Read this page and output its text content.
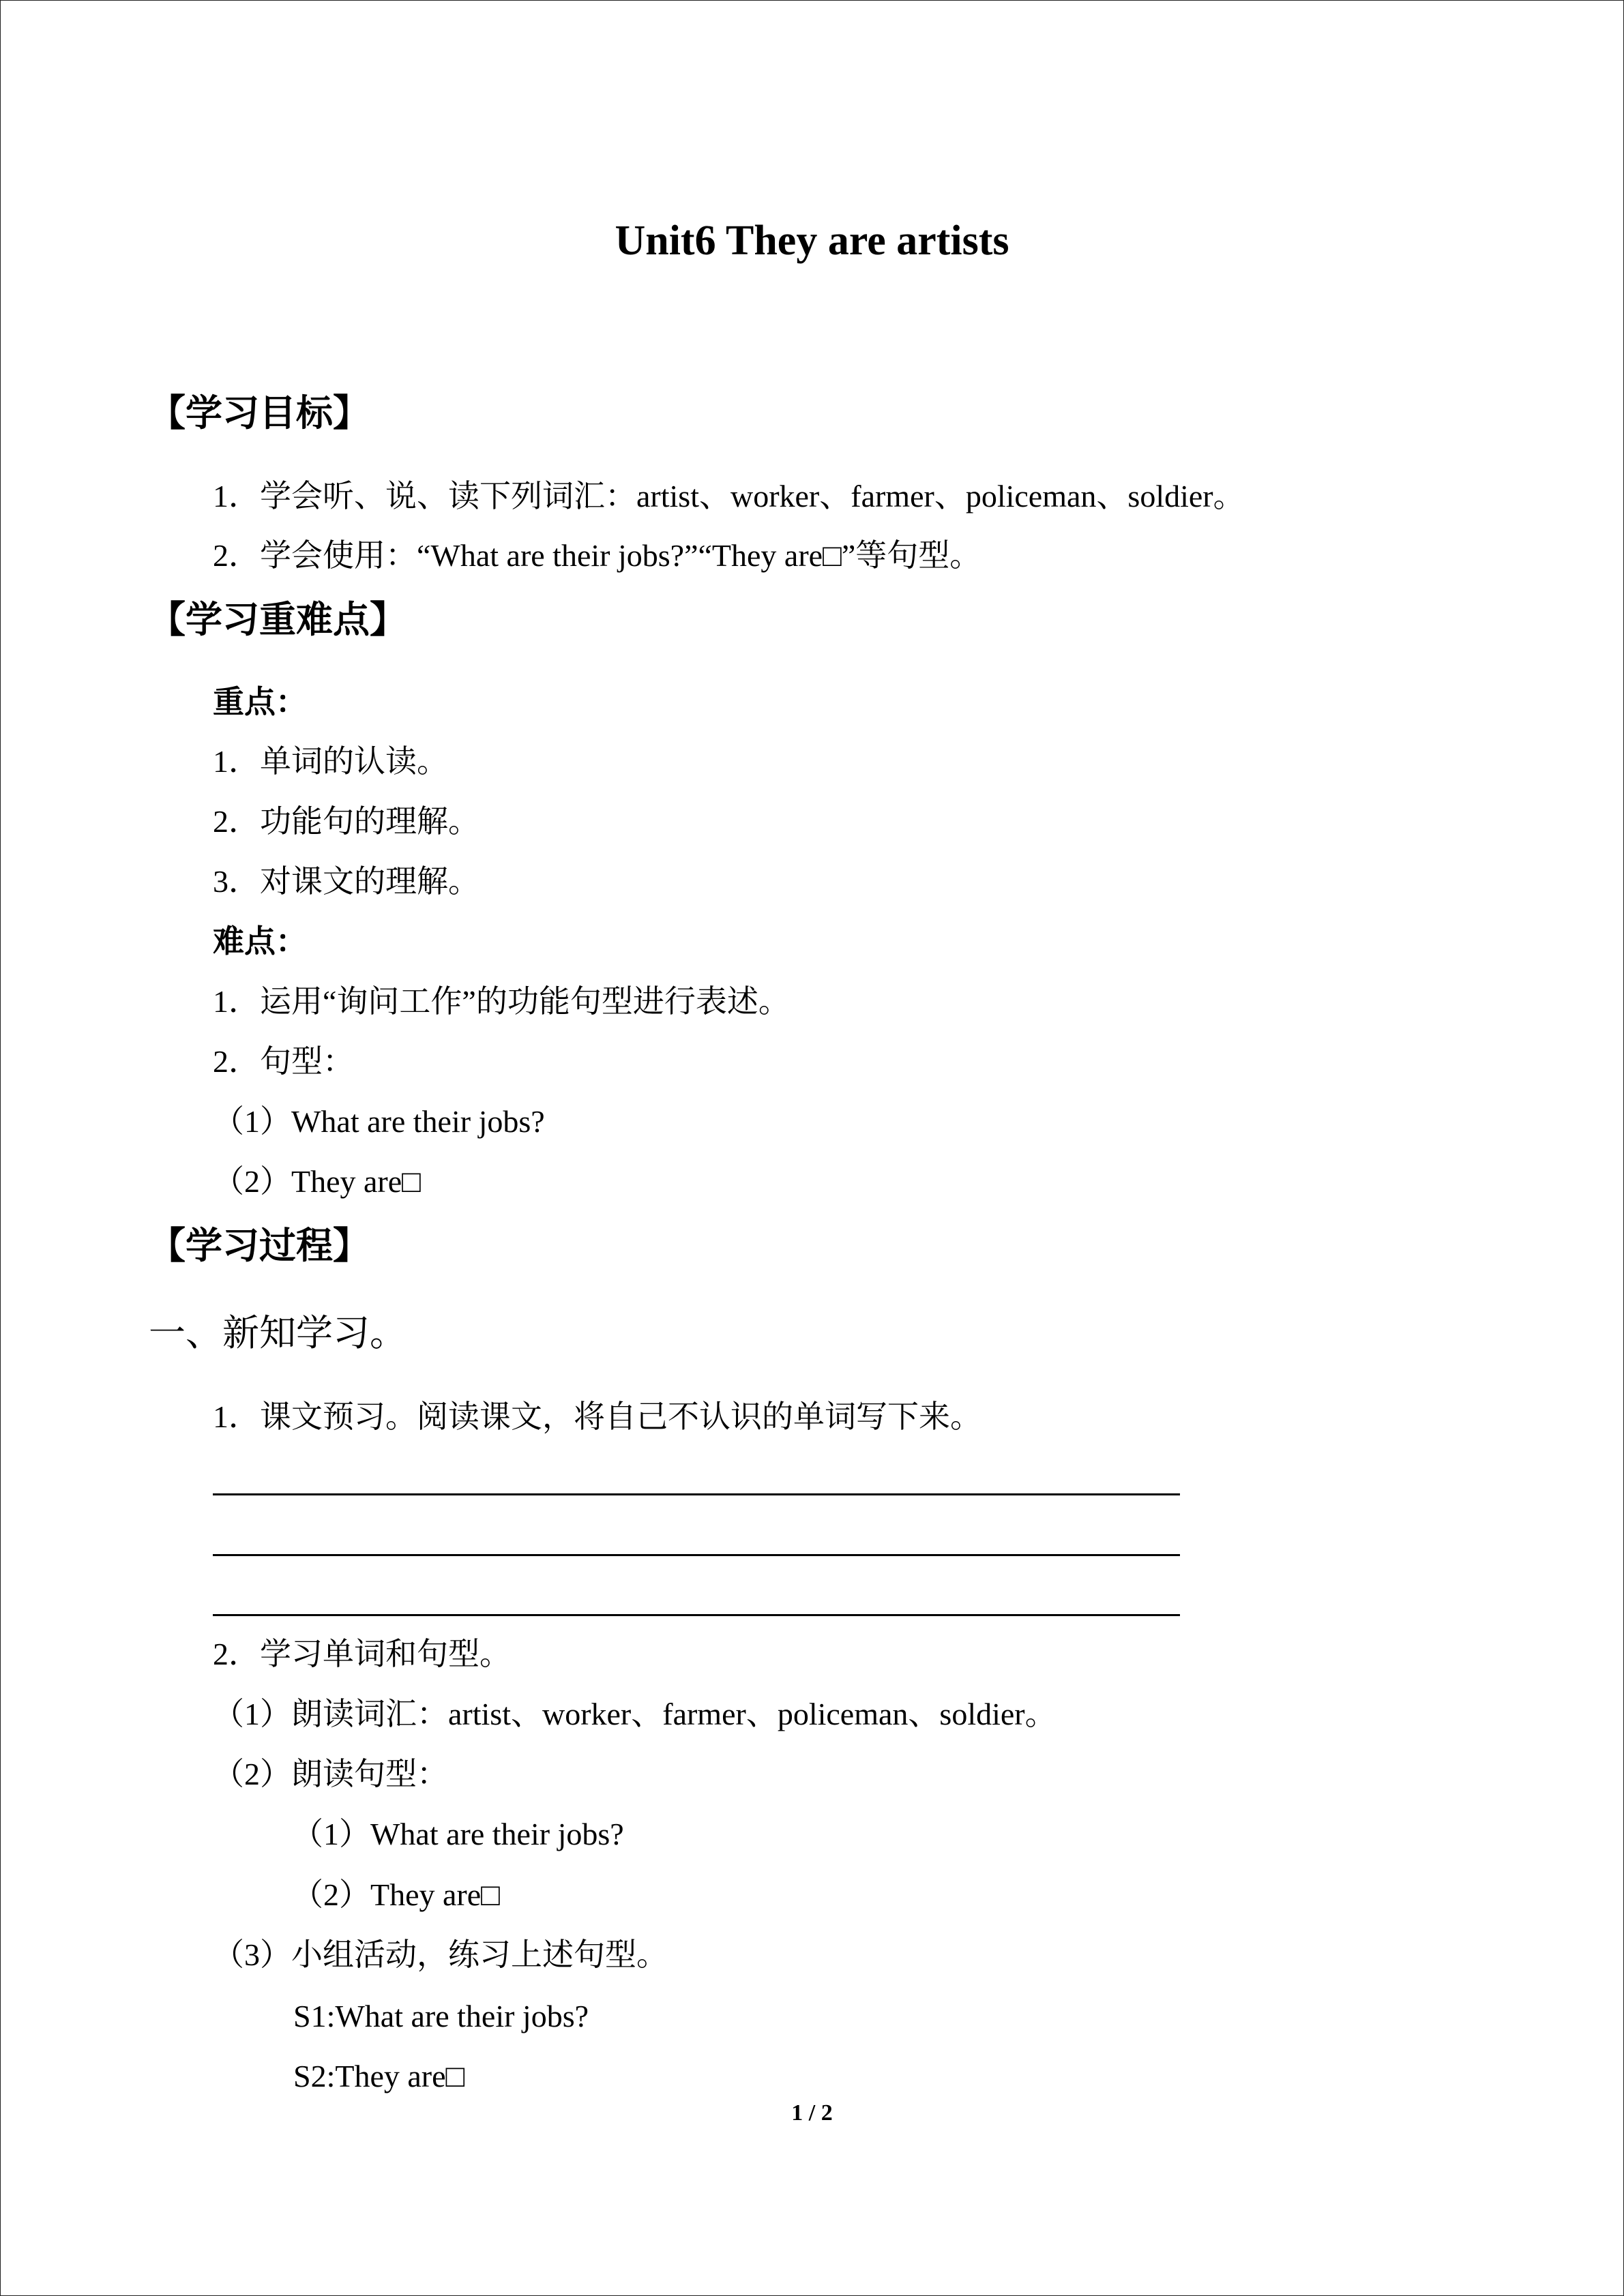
Unit6 They are artists
【学习目标】
1．学会听、说、读下列词汇：artist、worker、farmer、policeman、soldier。
2．学会使用：“What are their jobs?”“They are□”等句型。
【学习重难点】
重点：
1．单词的认读。
2．功能句的理解。
3．对课文的理解。
难点：
1．运用“询问工作”的功能句型进行表述。
2．句型：
（1）What are their jobs?
（2）They are□
【学习过程】
一、新知学习。
1．课文预习。阅读课文，将自己不认识的单词写下来。
2．学习单词和句型。
（1）朗读词汇：artist、worker、farmer、policeman、soldier。
（2）朗读句型：
（1）What are their jobs?
（2）They are□
（3）小组活动，练习上述句型。
S1:What are their jobs?
S2:They are□
1 / 2
